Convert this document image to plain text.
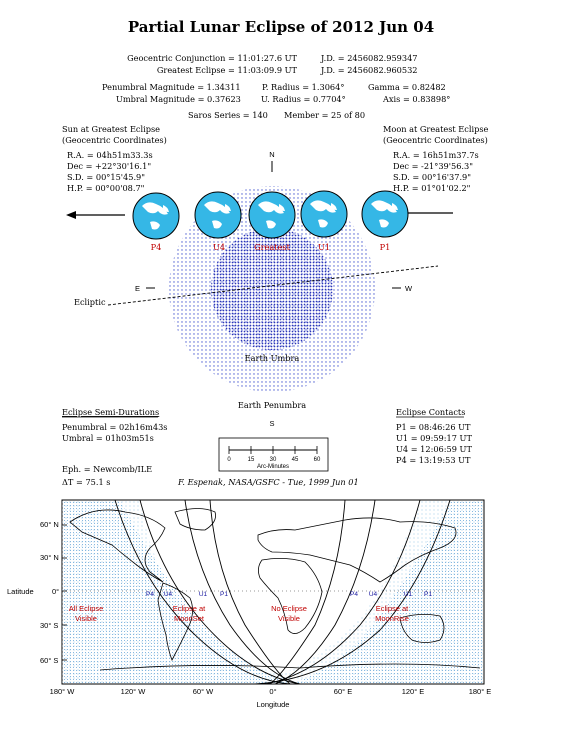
Partial Lunar Eclipse of 2012 Jun 04
Geocentric Conjunction = 11:01:27.6 UT	J.D. = 2456082.959347
Greatest Eclipse = 11:03:09.9 UT	J.D. = 2456082.960532
Penumbral Magnitude = 1.34311	P. Radius = 1.3064°	Gamma = 0.82482
Umbral Magnitude = 0.37623 U. Radius = 0.7704°	Axis = 0.83898°
Saros Series = 140 Member = 25 of 80
Sun at Greatest Eclipse
(Geocentric Coordinates)
R.A. = 04h51m33.3s
Dec = +22°30'16.1"
S.D. = 00°15'45.9"
H.P. = 00°00'08.7"
Moon at Greatest Eclipse
(Geocentric Coordinates)
R.A. = 16h51m37.7s
Dec = -21°39'56.3"
S.D. = 00°16'37.9"
H.P. = 01°01'02.2"
N
S
E	W
Ecliptic
Earth Umbra
Earth Penumbra
P4	U4	Greatest	U1	P1
Eclipse Semi-Durations
Penumbral = 02h16m43s
Umbral = 01h03m51s
Eclipse Contacts
P1 = 08:46:26 UT
U1 = 09:59:17 UT
U4 = 12:06:59 UT
P4 = 13:19:53 UT
0	15	30	45	60
Arc-Minutes
Eph. = Newcomb/ILE
ΔT = 75.1 s	F. Espenak, NASA/GSFC - Tue, 1999 Jun 01
60° N
30° N
0°
30° S
60° S
Latitude
180° W	120° W	60° W	0°	60° E	120° E	180° E
Longitude
All Eclipse
Visible
Eclipse at
MoonSet
No Eclipse
Visible
Eclipse at
MoonRise
P4 U4	U1 P1	P4 U4	U1 P1
